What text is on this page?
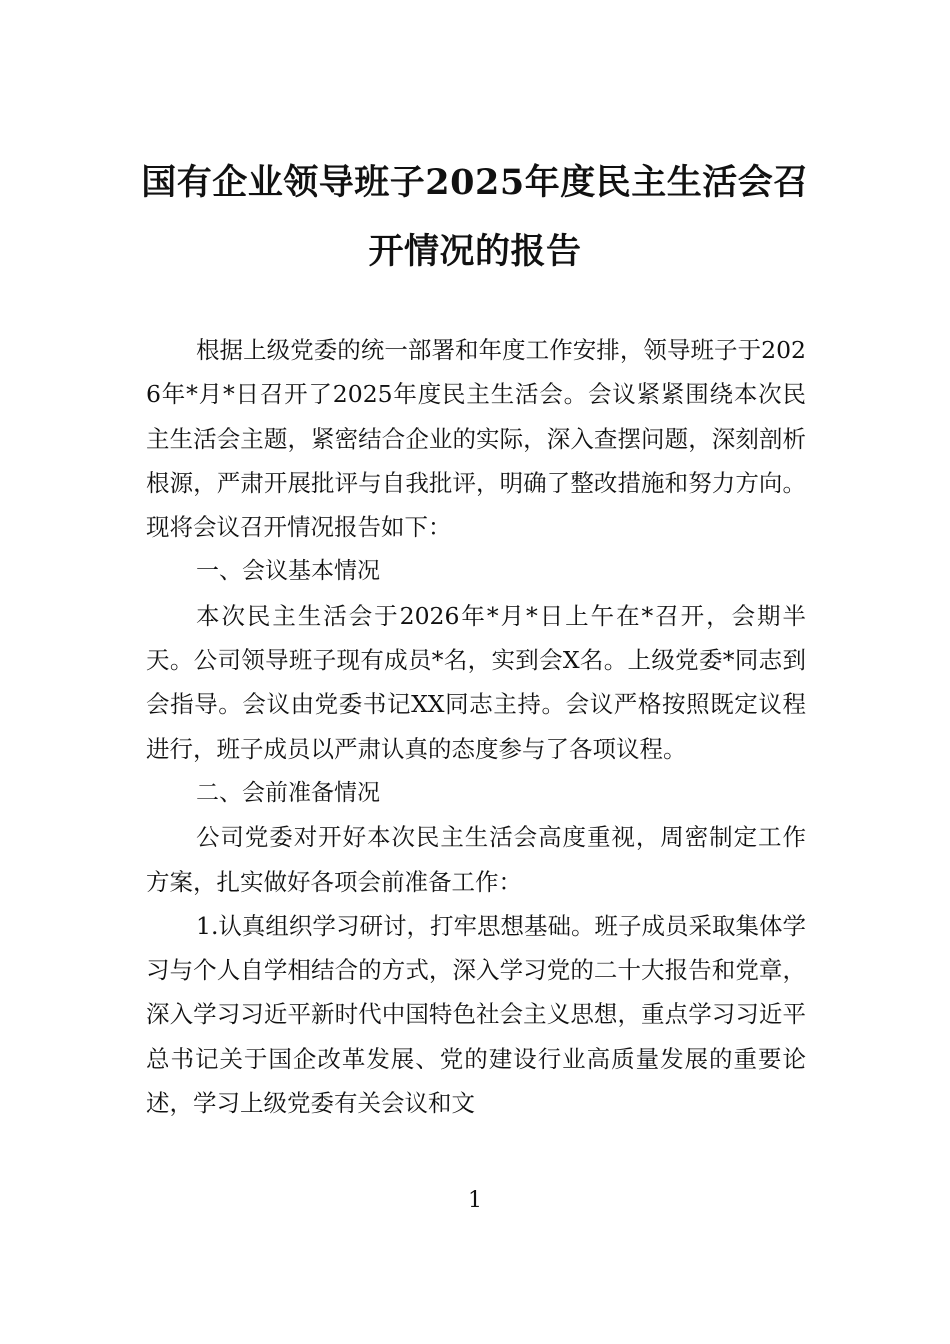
国有企业领导班子2025年度民主生活会召
开情况的报告

根据上级党委的统一部署和年度工作安排，领导班子于2026年*月*日召开了2025年度民主生活会。会议紧紧围绕本次民主生活会主题，紧密结合企业的实际，深入查摆问题，深刻剖析根源，严肃开展批评与自我批评，明确了整改措施和努力方向。现将会议召开情况报告如下：

一、会议基本情况

本次民主生活会于2026年*月*日上午在*召开，会期半天。公司领导班子现有成员*名，实到会X名。上级党委*同志到会指导。会议由党委书记XX同志主持。会议严格按照既定议程进行，班子成员以严肃认真的态度参与了各项议程。

二、会前准备情况

公司党委对开好本次民主生活会高度重视，周密制定工作方案，扎实做好各项会前准备工作：

1.认真组织学习研讨，打牢思想基础。班子成员采取集体学习与个人自学相结合的方式，深入学习党的二十大报告和党章，深入学习习近平新时代中国特色社会主义思想，重点学习习近平总书记关于国企改革发展、党的建设行业高质量发展的重要论述，学习上级党委有关会议和文

1
